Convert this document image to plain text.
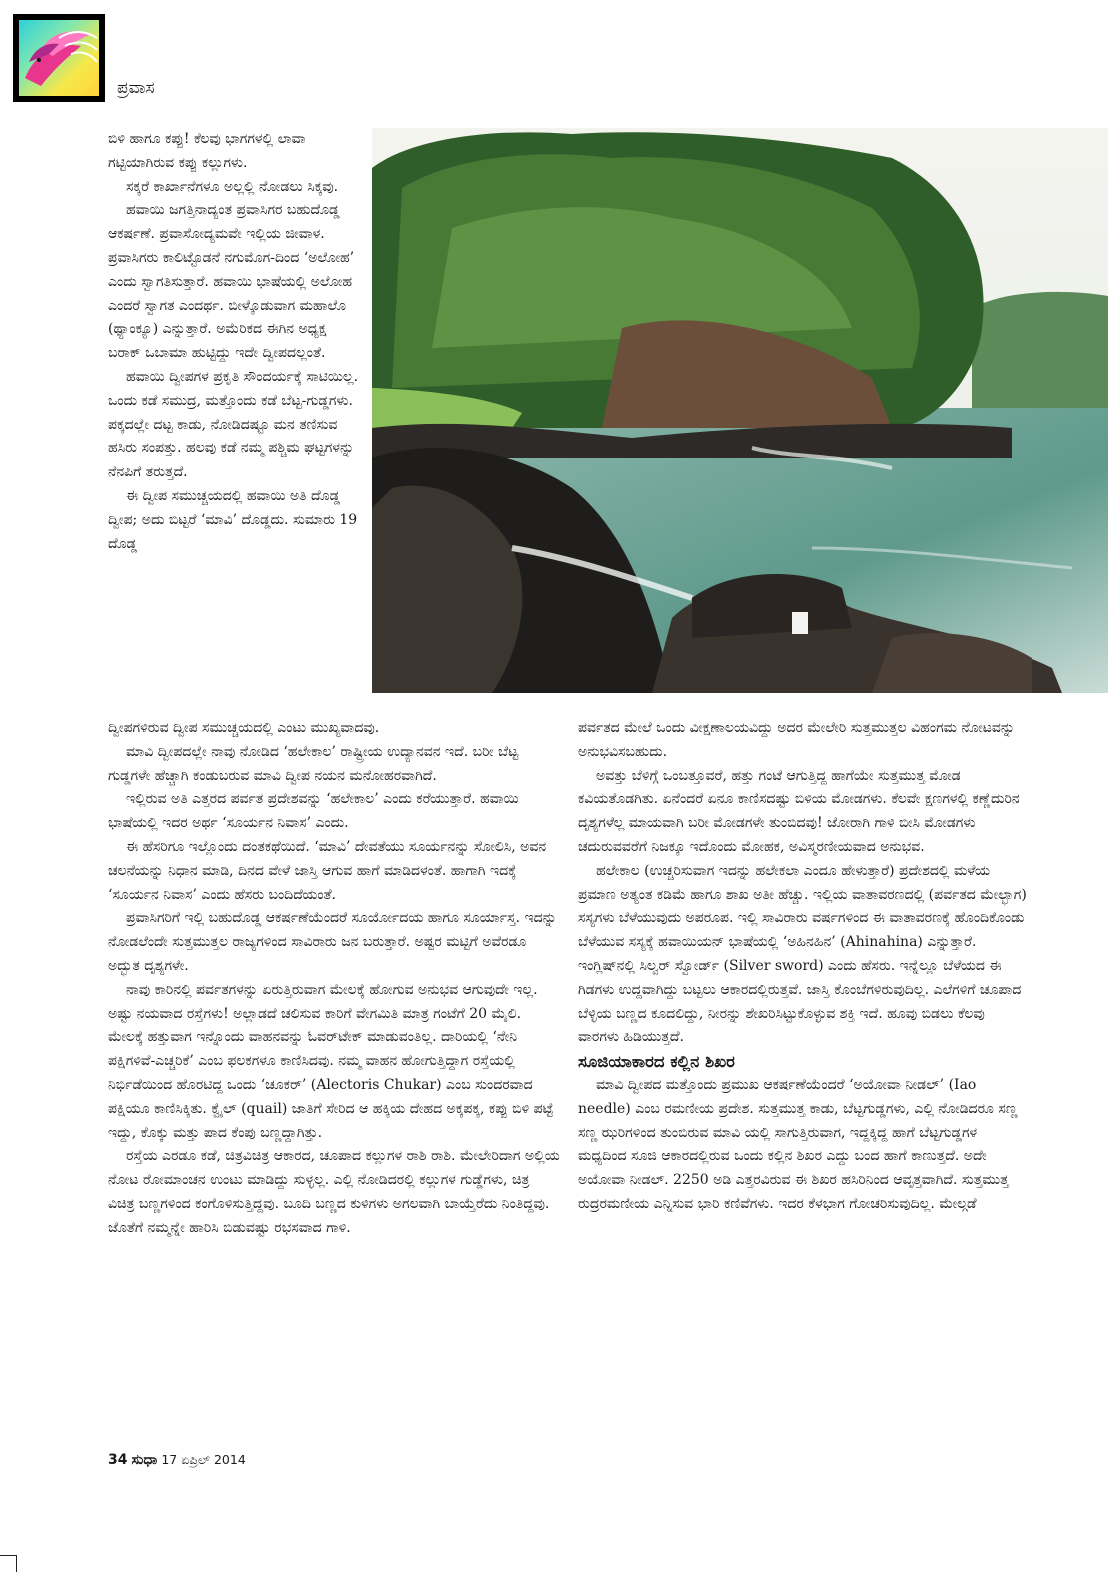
ಪ್ರವಾಸ

ಬಿಳಿ ಹಾಗೂ ಕಪ್ಪು! ಕೆಲವು ಭಾಗಗಳಲ್ಲಿ ಲಾವಾ ಗಟ್ಟಿಯಾಗಿರುವ ಕಪ್ಪು ಕಲ್ಲುಗಳು.

ಸಕ್ಕರೆ ಕಾರ್ಖಾನೆಗಳೂ ಅಲ್ಲಲ್ಲಿ ನೋಡಲು ಸಿಕ್ಕವು.

ಹವಾಯಿ ಜಗತ್ತಿನಾದ್ಯಂತ ಪ್ರವಾಸಿಗರ ಬಹುದೊಡ್ಡ ಆಕರ್ಷಣೆ. ಪ್ರವಾಸೋದ್ಯಮವೇ ಇಲ್ಲಿಯ ಜೀವಾಳ. ಪ್ರವಾಸಿಗರು ಕಾಲಿಟ್ಟೊಡನೆ ನಗುಮೊಗ-ದಿಂದ ‘ಅಲೋಹ’ ಎಂದು ಸ್ವಾಗತಿಸುತ್ತಾರೆ. ಹವಾಯಿ ಭಾಷೆಯಲ್ಲಿ ಅಲೋಹ ಎಂದರೆ ಸ್ವಾಗತ ಎಂದರ್ಥ. ಬೀಳ್ಕೊಡುವಾಗ ಮಹಾಲೊ (ಥ್ಯಾಂಕ್ಯೂ) ಎನ್ನುತ್ತಾರೆ. ಅಮೆರಿಕದ ಈಗಿನ ಅಧ್ಯಕ್ಷ ಬರಾಕ್ ಒಬಾಮಾ ಹುಟ್ಟಿದ್ದು ಇದೇ ದ್ವೀಪದಲ್ಲಂತೆ.

ಹವಾಯಿ ದ್ವೀಪಗಳ ಪ್ರಕೃತಿ ಸೌಂದರ್ಯಕ್ಕೆ ಸಾಟಿಯಿಲ್ಲ. ಒಂದು ಕಡೆ ಸಮುದ್ರ, ಮತ್ತೊಂದು ಕಡೆ ಬೆಟ್ಟ-ಗುಡ್ಡಗಳು. ಪಕ್ಕದಲ್ಲೇ ದಟ್ಟ ಕಾಡು, ನೋಡಿದಷ್ಟೂ ಮನ ತಣಿಸುವ ಹಸಿರು ಸಂಪತ್ತು. ಹಲವು ಕಡೆ ನಮ್ಮ ಪಶ್ಚಿಮ ಘಟ್ಟಗಳನ್ನು ನೆನಪಿಗೆ ತರುತ್ತದೆ.

ಈ ದ್ವೀಪ ಸಮುಚ್ಚಯದಲ್ಲಿ ಹವಾಯಿ ಅತಿ ದೊಡ್ಡ ದ್ವೀಪ; ಅದು ಬಿಟ್ಟರೆ ‘ಮಾವಿ’ ದೊಡ್ಡದು. ಸುಮಾರು 19 ದೊಡ್ಡ

ದ್ವೀಪಗಳಿರುವ ದ್ವೀಪ ಸಮುಚ್ಚಯದಲ್ಲಿ ಎಂಟು ಮುಖ್ಯವಾದವು.

ಮಾವಿ ದ್ವೀಪದಲ್ಲೇ ನಾವು ನೋಡಿದ ‘ಹಲೇಕಾಲ’ ರಾಷ್ಟ್ರೀಯ ಉದ್ಯಾನವನ ಇದೆ. ಬರೀ ಬೆಟ್ಟ ಗುಡ್ಡಗಳೇ ಹೆಚ್ಚಾಗಿ ಕಂಡುಬರುವ ಮಾವಿ ದ್ವೀಪ ನಯನ ಮನೋಹರವಾಗಿದೆ.

ಇಲ್ಲಿರುವ ಅತಿ ಎತ್ತರದ ಪರ್ವತ ಪ್ರದೇಶವನ್ನು ‘ಹಲೇಕಾಲ’ ಎಂದು ಕರೆಯುತ್ತಾರೆ. ಹವಾಯಿ ಭಾಷೆಯಲ್ಲಿ ಇದರ ಅರ್ಥ ‘ಸೂರ್ಯನ ನಿವಾಸ’ ಎಂದು.

ಈ ಹೆಸರಿಗೂ ಇಲ್ಲೊಂದು ದಂತಕಥೆಯಿದೆ. ‘ಮಾವಿ’ ದೇವತೆಯು ಸೂರ್ಯನನ್ನು ಸೋಲಿಸಿ, ಅವನ ಚಲನೆಯನ್ನು ನಿಧಾನ ಮಾಡಿ, ದಿನದ ವೇಳೆ ಜಾಸ್ತಿ ಆಗುವ ಹಾಗೆ ಮಾಡಿದಳಂತೆ. ಹಾಗಾಗಿ ಇದಕ್ಕೆ ‘ಸೂರ್ಯನ ನಿವಾಸ’ ಎಂದು ಹೆಸರು ಬಂದಿದೆಯಂತೆ.

ಪ್ರವಾಸಿಗರಿಗೆ ಇಲ್ಲಿ ಬಹುದೊಡ್ಡ ಆಕರ್ಷಣೆಯೆಂದರೆ ಸೂರ್ಯೋದಯ ಹಾಗೂ ಸೂರ್ಯಾಸ್ತ. ಇದನ್ನು ನೋಡಲೆಂದೇ ಸುತ್ತಮುತ್ತಲ ರಾಜ್ಯಗಳಿಂದ ಸಾವಿರಾರು ಜನ ಬರುತ್ತಾರೆ. ಅಷ್ಟರ ಮಟ್ಟಿಗೆ ಅವೆರಡೂ ಅದ್ಭುತ ದೃಶ್ಯಗಳೇ.

ನಾವು ಕಾರಿನಲ್ಲಿ ಪರ್ವತಗಳನ್ನು ಏರುತ್ತಿರುವಾಗ ಮೇಲಕ್ಕೆ ಹೋಗುವ ಅನುಭವ ಆಗುವುದೇ ಇಲ್ಲ. ಅಷ್ಟು ನಯವಾದ ರಸ್ತೆಗಳು! ಅಲ್ಲಾಡದೆ ಚಲಿಸುವ ಕಾರಿಗೆ ವೇಗಮಿತಿ ಮಾತ್ರ ಗಂಟೆಗೆ 20 ಮೈಲಿ. ಮೇಲಕ್ಕೆ ಹತ್ತುವಾಗ ಇನ್ನೊಂದು ವಾಹನವನ್ನು ಓವರ್‌ಟೇಕ್ ಮಾಡುವಂತಿಲ್ಲ. ದಾರಿಯಲ್ಲಿ ‘ನೇನಿ ಪಕ್ಷಿಗಳಿವೆ-ಎಚ್ಚರಿಕೆ’ ಎಂಬ ಫಲಕಗಳೂ ಕಾಣಿಸಿದವು. ನಮ್ಮ ವಾಹನ ಹೋಗುತ್ತಿದ್ದಾಗ ರಸ್ತೆಯಲ್ಲಿ ನಿರ್ಭಿಡೆಯಿಂದ ಹೊರಟಿದ್ದ ಒಂದು ‘ಚೂಕರ್’ (Alectoris Chukar) ಎಂಬ ಸುಂದರವಾದ ಪಕ್ಷಿಯೂ ಕಾಣಿಸಿಕ್ಕಿತು. ಕ್ವೈಲ್ (quail) ಜಾತಿಗೆ ಸೇರಿದ ಆ ಹಕ್ಕಿಯ ದೇಹದ ಅಕ್ಕಪಕ್ಕ, ಕಪ್ಪು ಬಿಳಿ ಪಟ್ಟೆ ಇದ್ದು, ಕೊಕ್ಕು ಮತ್ತು ಪಾದ ಕೆಂಪು ಬಣ್ಣದ್ದಾಗಿತ್ತು.

ರಸ್ತೆಯ ಎರಡೂ ಕಡೆ, ಚಿತ್ರವಿಚಿತ್ರ ಆಕಾರದ, ಚೂಪಾದ ಕಲ್ಲುಗಳ ರಾಶಿ ರಾಶಿ. ಮೇಲೇರಿದಾಗ ಅಲ್ಲಿಯ ನೋಟ ರೋಮಾಂಚನ ಉಂಟು ಮಾಡಿದ್ದು ಸುಳ್ಳಲ್ಲ. ಎಲ್ಲಿ ನೋಡಿದರಲ್ಲಿ ಕಲ್ಲುಗಳ ಗುಡ್ಡೆಗಳು, ಚಿತ್ರ ವಿಚಿತ್ರ ಬಣ್ಣಗಳಿಂದ ಕಂಗೊಳಿಸುತ್ತಿದ್ದವು. ಬೂದಿ ಬಣ್ಣದ ಕುಳಿಗಳು ಅಗಲವಾಗಿ ಬಾಯ್ತೆರೆದು ನಿಂತಿದ್ದವು. ಜೊತೆಗೆ ನಮ್ಮನ್ನೇ ಹಾರಿಸಿ ಬಿಡುವಷ್ಟು ರಭಸವಾದ ಗಾಳಿ.

ಪರ್ವತದ ಮೇಲೆ ಒಂದು ವೀಕ್ಷಣಾಲಯವಿದ್ದು ಅದರ ಮೇಲೇರಿ ಸುತ್ತಮುತ್ತಲ ವಿಹಂಗಮ ನೋಟವನ್ನು ಅನುಭವಿಸಬಹುದು.

ಅವತ್ತು ಬೆಳಿಗ್ಗೆ ಒಂಬತ್ತೂವರೆ, ಹತ್ತು ಗಂಟೆ ಆಗುತ್ತಿದ್ದ ಹಾಗೆಯೇ ಸುತ್ತಮುತ್ತ ಮೋಡ ಕವಿಯತೊಡಗಿತು. ಏನೆಂದರೆ ಏನೂ ಕಾಣಿಸದಷ್ಟು ಬಿಳಿಯ ಮೋಡಗಳು. ಕೆಲವೇ ಕ್ಷಣಗಳಲ್ಲಿ ಕಣ್ಣೆದುರಿನ ದೃಶ್ಯಗಳೆಲ್ಲ ಮಾಯವಾಗಿ ಬರೀ ಮೋಡಗಳೇ ತುಂಬಿದವು! ಜೋರಾಗಿ ಗಾಳಿ ಬೀಸಿ ಮೋಡಗಳು ಚದುರುವವರೆಗೆ ನಿಜಕ್ಕೂ ಇದೊಂದು ಮೋಹಕ, ಅವಿಸ್ಮರಣೀಯವಾದ ಅನುಭವ.

ಹಲೇಕಾಲ (ಉಚ್ಚರಿಸುವಾಗ ಇದನ್ನು ಹಲೇಕಲಾ ಎಂದೂ ಹೇಳುತ್ತಾರೆ) ಪ್ರದೇಶದಲ್ಲಿ ಮಳೆಯ ಪ್ರಮಾಣ ಅತ್ಯಂತ ಕಡಿಮೆ ಹಾಗೂ ಶಾಖ ಅತೀ ಹೆಚ್ಚು. ಇಲ್ಲಿಯ ವಾತಾವರಣದಲ್ಲಿ (ಪರ್ವತದ ಮೇಲ್ಭಾಗ) ಸಸ್ಯಗಳು ಬೆಳೆಯುವುದು ಅಪರೂಪ. ಇಲ್ಲಿ ಸಾವಿರಾರು ವರ್ಷಗಳಿಂದ ಈ ವಾತಾವರಣಕ್ಕೆ ಹೊಂದಿಕೊಂಡು ಬೆಳೆಯುವ ಸಸ್ಯಕ್ಕೆ ಹವಾಯಿಯನ್ ಭಾಷೆಯಲ್ಲಿ ‘ಅಹಿನಹಿನ’ (Ahinahina) ಎನ್ನುತ್ತಾರೆ. ಇಂಗ್ಲಿಷ್‌ನಲ್ಲಿ ಸಿಲ್ವರ್ ಸ್ವೋರ್ಡ್ (Silver sword) ಎಂದು ಹೆಸರು. ಇನ್ನೆಲ್ಲೂ ಬೆಳೆಯದ ಈ ಗಿಡಗಳು ಉದ್ದವಾಗಿದ್ದು ಬಟ್ಟಲು ಆಕಾರದಲ್ಲಿರುತ್ತವೆ. ಜಾಸ್ತಿ ಕೊಂಬೆಗಳಿರುವುದಿಲ್ಲ. ಎಲೆಗಳಿಗೆ ಚೂಪಾದ ಬೆಳ್ಳಿಯ ಬಣ್ಣದ ಕೂದಲಿದ್ದು, ನೀರನ್ನು ಶೇಖರಿಸಿಟ್ಟುಕೊಳ್ಳುವ ಶಕ್ತಿ ಇದೆ. ಹೂವು ಬಿಡಲು ಕೆಲವು ವಾರಗಳು ಹಿಡಿಯುತ್ತದೆ.

ಸೂಜಿಯಾಕಾರದ ಕಲ್ಲಿನ ಶಿಖರ

ಮಾವಿ ದ್ವೀಪದ ಮತ್ತೊಂದು ಪ್ರಮುಖ ಆಕರ್ಷಣೆಯೆಂದರೆ ‘ಅಯೋವಾ ನೀಡಲ್’ (Iao needle) ಎಂಬ ರಮಣೀಯ ಪ್ರದೇಶ. ಸುತ್ತಮುತ್ತ ಕಾಡು, ಬೆಟ್ಟಗುಡ್ಡಗಳು, ಎಲ್ಲಿ ನೋಡಿದರೂ ಸಣ್ಣ ಸಣ್ಣ ಝರಿಗಳಿಂದ ತುಂಬಿರುವ ಮಾವಿ ಯಲ್ಲಿ ಸಾಗುತ್ತಿರುವಾಗ, ಇದ್ದಕ್ಕಿದ್ದ ಹಾಗೆ ಬೆಟ್ಟಗುಡ್ಡಗಳ ಮಧ್ಯದಿಂದ ಸೂಜಿ ಆಕಾರದಲ್ಲಿರುವ ಒಂದು ಕಲ್ಲಿನ ಶಿಖರ ಎದ್ದು ಬಂದ ಹಾಗೆ ಕಾಣುತ್ತದೆ. ಅದೇ ಅಯೋವಾ ನೀಡಲ್. 2250 ಅಡಿ ಎತ್ತರವಿರುವ ಈ ಶಿಖರ ಹಸಿರಿನಿಂದ ಆವೃತ್ತವಾಗಿದೆ. ಸುತ್ತಮುತ್ತ ರುದ್ರರಮಣೀಯ ಎನ್ನಿಸುವ ಭಾರಿ ಕಣಿವೆಗಳು. ಇದರ ಕೆಳಭಾಗ ಗೋಚರಿಸುವುದಿಲ್ಲ. ಮೇಲ್ಗಡೆ

34 ಸುಧಾ 17 ಏಪ್ರಿಲ್ 2014
